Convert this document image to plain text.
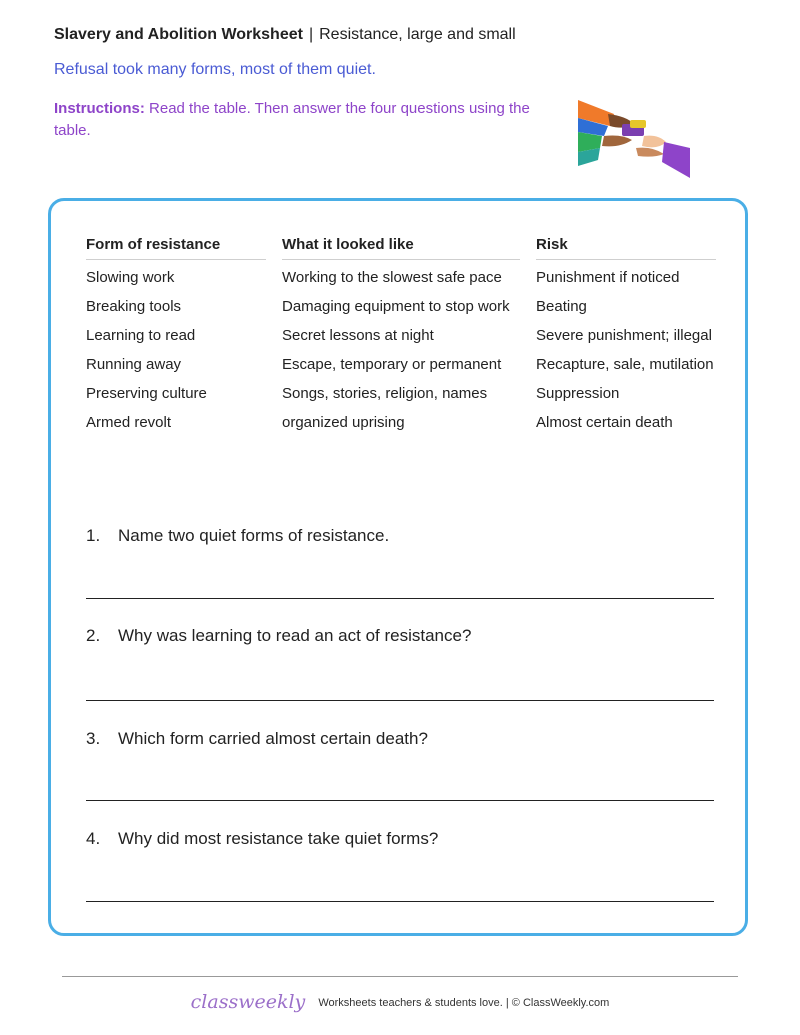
Slavery and Abolition Worksheet | Resistance, large and small
Refusal took many forms, most of them quiet.
Instructions: Read the table. Then answer the four questions using the table.
Form of resistance		What it looked like		Risk
Slowing work		Working to the slowest safe pace		Punishment if noticed
Breaking tools		Damaging equipment to stop work		Beating
Learning to read		Secret lessons at night		Severe punishment; illegal
Running away		Escape, temporary or permanent		Recapture, sale, mutilation
Preserving culture		Songs, stories, religion, names		Suppression
Armed revolt		organized uprising		Almost certain death
1. Name two quiet forms of resistance.
2. Why was learning to read an act of resistance?
3. Which form carried almost certain death?
4. Why did most resistance take quiet forms?
classweekly Worksheets teachers & students love. | © ClassWeekly.com
